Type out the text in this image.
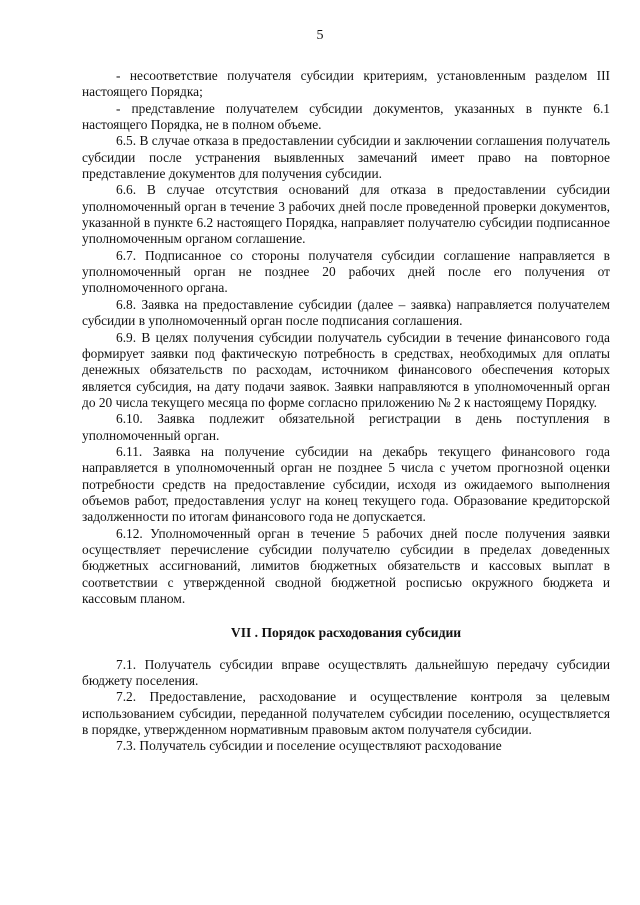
5

- несоответствие получателя субсидии критериям, установленным разделом III настоящего Порядка;

- представление получателем субсидии документов, указанных в пункте 6.1 настоящего Порядка, не в полном объеме.

6.5. В случае отказа в предоставлении субсидии и заключении соглашения получатель субсидии после устранения выявленных замечаний имеет право на повторное представление документов для получения субсидии.

6.6. В случае отсутствия оснований для отказа в предоставлении субсидии уполномоченный орган в течение 3 рабочих дней после проведенной проверки документов, указанной в пункте 6.2 настоящего Порядка, направляет получателю субсидии подписанное уполномоченным органом соглашение.

6.7. Подписанное со стороны получателя субсидии соглашение направляется в уполномоченный орган не позднее 20 рабочих дней после его получения от уполномоченного органа.

6.8. Заявка на предоставление субсидии (далее – заявка) направляется получателем субсидии в уполномоченный орган после подписания соглашения.

6.9. В целях получения субсидии получатель субсидии в течение финансового года формирует заявки под фактическую потребность в средствах, необходимых для оплаты денежных обязательств по расходам, источником финансового обеспечения которых является субсидия, на дату подачи заявок. Заявки направляются в уполномоченный орган до 20 числа текущего месяца по форме согласно приложению № 2 к настоящему Порядку.

6.10. Заявка подлежит обязательной регистрации в день поступления в уполномоченный орган.

6.11. Заявка на получение субсидии на декабрь текущего финансового года направляется в уполномоченный орган не позднее 5 числа с учетом прогнозной оценки потребности средств на предоставление субсидии, исходя из ожидаемого выполнения объемов работ, предоставления услуг на конец текущего года. Образование кредиторской задолженности по итогам финансового года не допускается.

6.12. Уполномоченный орган в течение 5 рабочих дней после получения заявки осуществляет перечисление субсидии получателю субсидии в пределах доведенных бюджетных ассигнований, лимитов бюджетных обязательств и кассовых выплат в соответствии с утвержденной сводной бюджетной росписью окружного бюджета и кассовым планом.

VII . Порядок расходования субсидии

7.1. Получатель субсидии вправе осуществлять дальнейшую передачу субсидии бюджету поселения.

7.2. Предоставление, расходование и осуществление контроля за целевым использованием субсидии, переданной получателем субсидии поселению, осуществляется в порядке, утвержденном нормативным правовым актом получателя субсидии.

7.3. Получатель субсидии и поселение осуществляют расходование
